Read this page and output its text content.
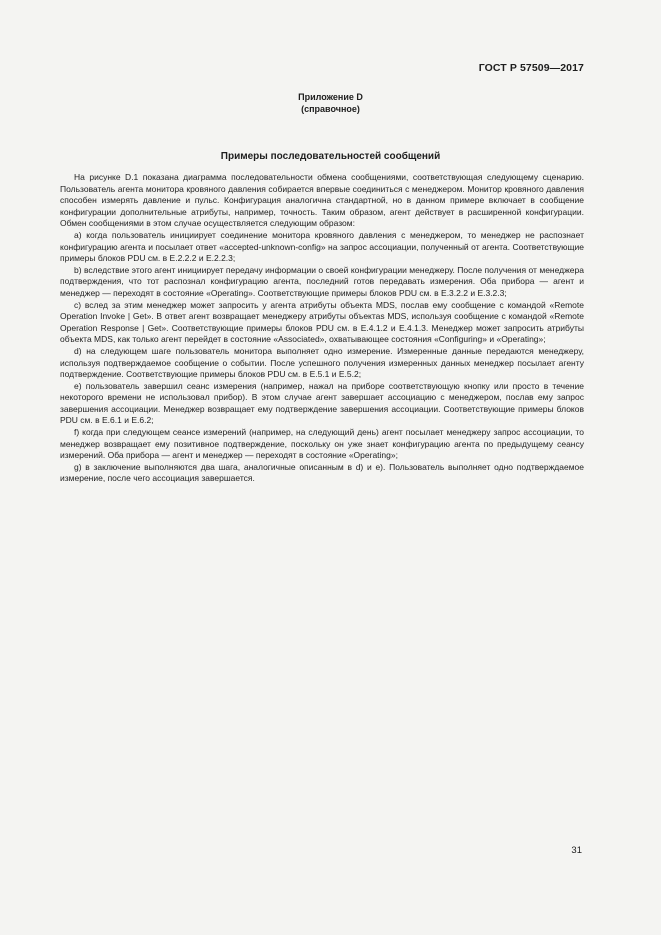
ГОСТ Р 57509—2017
Приложение D
(справочное)
Примеры последовательностей сообщений

На рисунке D.1 показана диаграмма последовательности обмена сообщениями, соответствующая следующему сценарию. Пользователь агента монитора кровяного давления собирается впервые соединиться с менеджером. Монитор кровяного давления способен измерять давление и пульс. Конфигурация аналогична стандартной, но в данном примере включает в сообщение конфигурации дополнительные атрибуты, например, точность. Таким образом, агент действует в расширенной конфигурации. Обмен сообщениями в этом случае осуществляется следующим образом:

a) когда пользователь инициирует соединение монитора кровяного давления с менеджером, то менеджер не распознает конфигурацию агента и посылает ответ «accepted-unknown-config» на запрос ассоциации, полученный от агента. Соответствующие примеры блоков PDU см. в E.2.2.2 и E.2.2.3;

b) вследствие этого агент инициирует передачу информации о своей конфигурации менеджеру. После получения от менеджера подтверждения, что тот распознал конфигурацию агента, последний готов передавать измерения. Оба прибора — агент и менеджер — переходят в состояние «Operating». Соответствующие примеры блоков PDU см. в E.3.2.2 и E.3.2.3;

c) вслед за этим менеджер может запросить у агента атрибуты объекта MDS, послав ему сообщение с командой «Remote Operation Invoke | Get». В ответ агент возвращает менеджеру атрибуты объектаs MDS, используя сообщение с командой «Remote Operation Response | Get». Соответствующие примеры блоков PDU см. в E.4.1.2 и E.4.1.3. Менеджер может запросить атрибуты объекта MDS, как только агент перейдет в состояние «Associated», охватывающее состояния «Configuring» и «Operating»;

d) на следующем шаге пользователь монитора выполняет одно измерение. Измеренные данные передаются менеджеру, используя подтверждаемое сообщение о событии. После успешного получения измеренных данных менеджер посылает агенту подтверждение. Соответствующие примеры блоков PDU см. в E.5.1 и E.5.2;

e) пользователь завершил сеанс измерения (например, нажал на приборе соответствующую кнопку или просто в течение некоторого времени не использовал прибор). В этом случае агент завершает ассоциацию с менеджером, послав ему запрос завершения ассоциации. Менеджер возвращает ему подтверждение завершения ассоциации. Соответствующие примеры блоков PDU см. в E.6.1 и E.6.2;

f) когда при следующем сеансе измерений (например, на следующий день) агент посылает менеджеру запрос ассоциации, то менеджер возвращает ему позитивное подтверждение, поскольку он уже знает конфигурацию агента по предыдущему сеансу измерений. Оба прибора — агент и менеджер — переходят в состояние «Operating»;

g) в заключение выполняются два шага, аналогичные описанным в d) и e). Пользователь выполняет одно подтверждаемое измерение, после чего ассоциация завершается.

31
